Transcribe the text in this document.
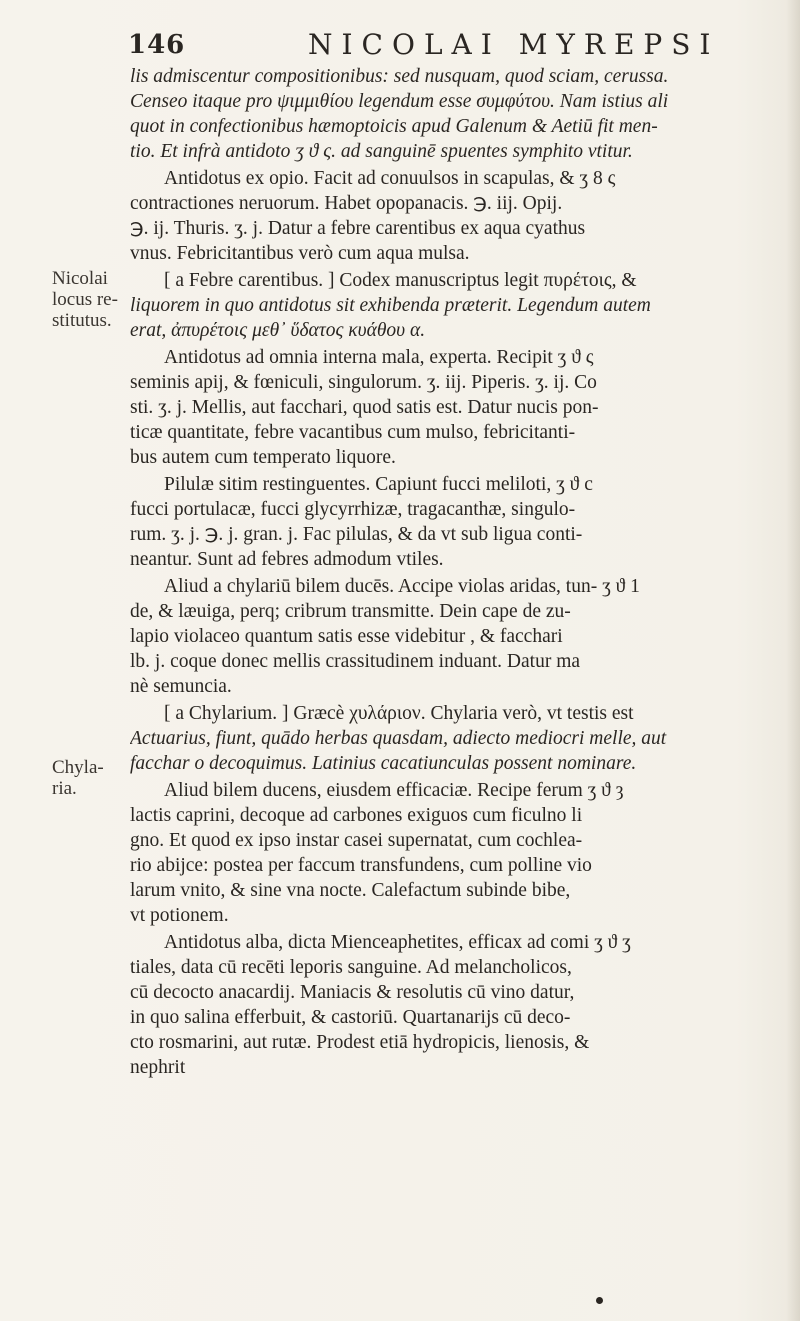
146	NICOLAI MYREPSI
Nicolai locus re-stitutus.
Chyla-ria.
lis admiscentur compositionibus: sed nusquam, quod sciam, cerussa.
Censeo itaque pro ψιμμιθίου legendum esse συμφύτου. Nam istius ali
quot in confectionibus hæmoptoicis apud Galenum & Aetiū fit men-
tio. Et infrà antidoto ʒ ϑ ς. ad sanguinē spuentes symphito vtitur.
Antidotus ex opio. Facit ad conuulsos in scapulas, & ʒ 8 ς
contractiones neruorum. Habet opopanacis. ℈. iij. Opij.
℈. ij. Thuris. ʒ. j. Datur a febre carentibus ex aqua cyathus
vnus. Febricitantibus verò cum aqua mulsa.
[ a Febre carentibus. ] Codex manuscriptus legit πυρέτοις, &
liquorem in quo antidotus sit exhibenda præterit. Legendum autem
erat, ἀπυρέτοις μεθ᾽ ὕδατος κυάθου α.
Antidotus ad omnia interna mala, experta. Recipit ʒ ϑ ς
seminis apij, & fœniculi, singulorum. ʒ. iij. Piperis. ʒ. ij. Co
sti. ʒ. j. Mellis, aut facchari, quod satis est. Datur nucis pon-
ticæ quantitate, febre vacantibus cum mulso, febricitanti-
bus autem cum temperato liquore.
Pilulæ sitim restinguentes. Capiunt fucci meliloti, ʒ ϑ c
fucci portulacæ, fucci glycyrrhizæ, tragacanthæ, singulo-
rum. ʒ. j. ℈. j. gran. j. Fac pilulas, & da vt sub ligua conti-
neantur. Sunt ad febres admodum vtiles.
Aliud a chylariū bilem ducēs. Accipe violas aridas, tun- ʒ ϑ 1
de, & læuiga, perq; cribrum transmitte. Dein cape de zu-
lapio violaceo quantum satis esse videbitur , & facchari
lb. j. coque donec mellis crassitudinem induant. Datur ma
nè semuncia.
[ a Chylarium. ] Græcè χυλάριον. Chylaria verò, vt testis est
Actuarius, fiunt, quādo herbas quasdam, adiecto mediocri melle, aut
facchar o decoquimus. Latinius cacatiunculas possent nominare.
Aliud bilem ducens, eiusdem efficaciæ. Recipe ferum ʒ ϑ ȝ
lactis caprini, decoque ad carbones exiguos cum ficulno li
gno. Et quod ex ipso instar casei supernatat, cum cochlea-
rio abijce: postea per faccum transfundens, cum polline vio
larum vnito, & sine vna nocte. Calefactum subinde bibe,
vt potionem.
Antidotus alba, dicta Mienceaphetites, efficax ad comi ʒ ϑ ʒ
tiales, data cū recēti leporis sanguine. Ad melancholicos,
cū decocto anacardij. Maniacis & resolutis cū vino datur,
in quo salina efferbuit, & castoriū. Quartanarijs cū deco-
cto rosmarini, aut rutæ. Prodest etiā hydropicis, lienosis, &
nephrit
